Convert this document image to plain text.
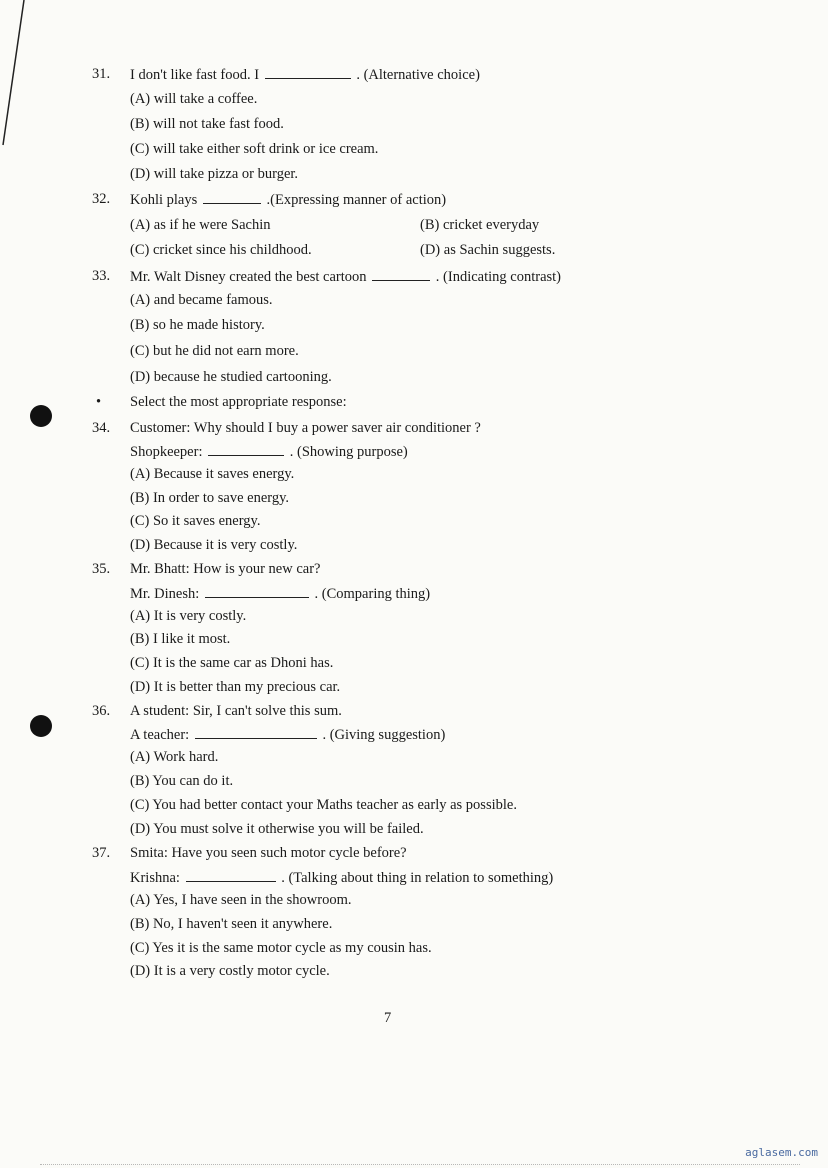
31. I don't like fast food. I	. (Alternative choice)
(A) will take a coffee.
(B) will not take fast food.
(C) will take either soft drink or ice cream.
(D) will take pizza or burger.
32. Kohli plays	.(Expressing manner of action)
(A) as if he were Sachin	(B) cricket everyday
(C) cricket since his childhood.	(D) as Sachin suggests.
33. Mr. Walt Disney created the best cartoon	. (Indicating contrast)
(A) and became famous.
(B) so he made history.
(C) but he did not earn more.
(D) because he studied cartooning.
• Select the most appropriate response:
34. Customer: Why should I buy a power saver air conditioner ?
Shopkeeper:	. (Showing purpose)
(A) Because it saves energy.
(B) In order to save energy.
(C) So it saves energy.
(D) Because it is very costly.
35. Mr. Bhatt: How is your new car?
Mr. Dinesh:	. (Comparing thing)
(A) It is very costly.
(B) I like it most.
(C) It is the same car as Dhoni has.
(D) It is better than my precious car.
36. A student: Sir, I can't solve this sum.
A teacher:	. (Giving suggestion)
(A) Work hard.
(B) You can do it.
(C) You had better contact your Maths teacher as early as possible.
(D) You must solve it otherwise you will be failed.
37. Smita: Have you seen such motor cycle before?
Krishna:	. (Talking about thing in relation to something)
(A) Yes, I have seen in the showroom.
(B) No, I haven't seen it anywhere.
(C) Yes it is the same motor cycle as my cousin has.
(D) It is a very costly motor cycle.
7
aglasem.com
